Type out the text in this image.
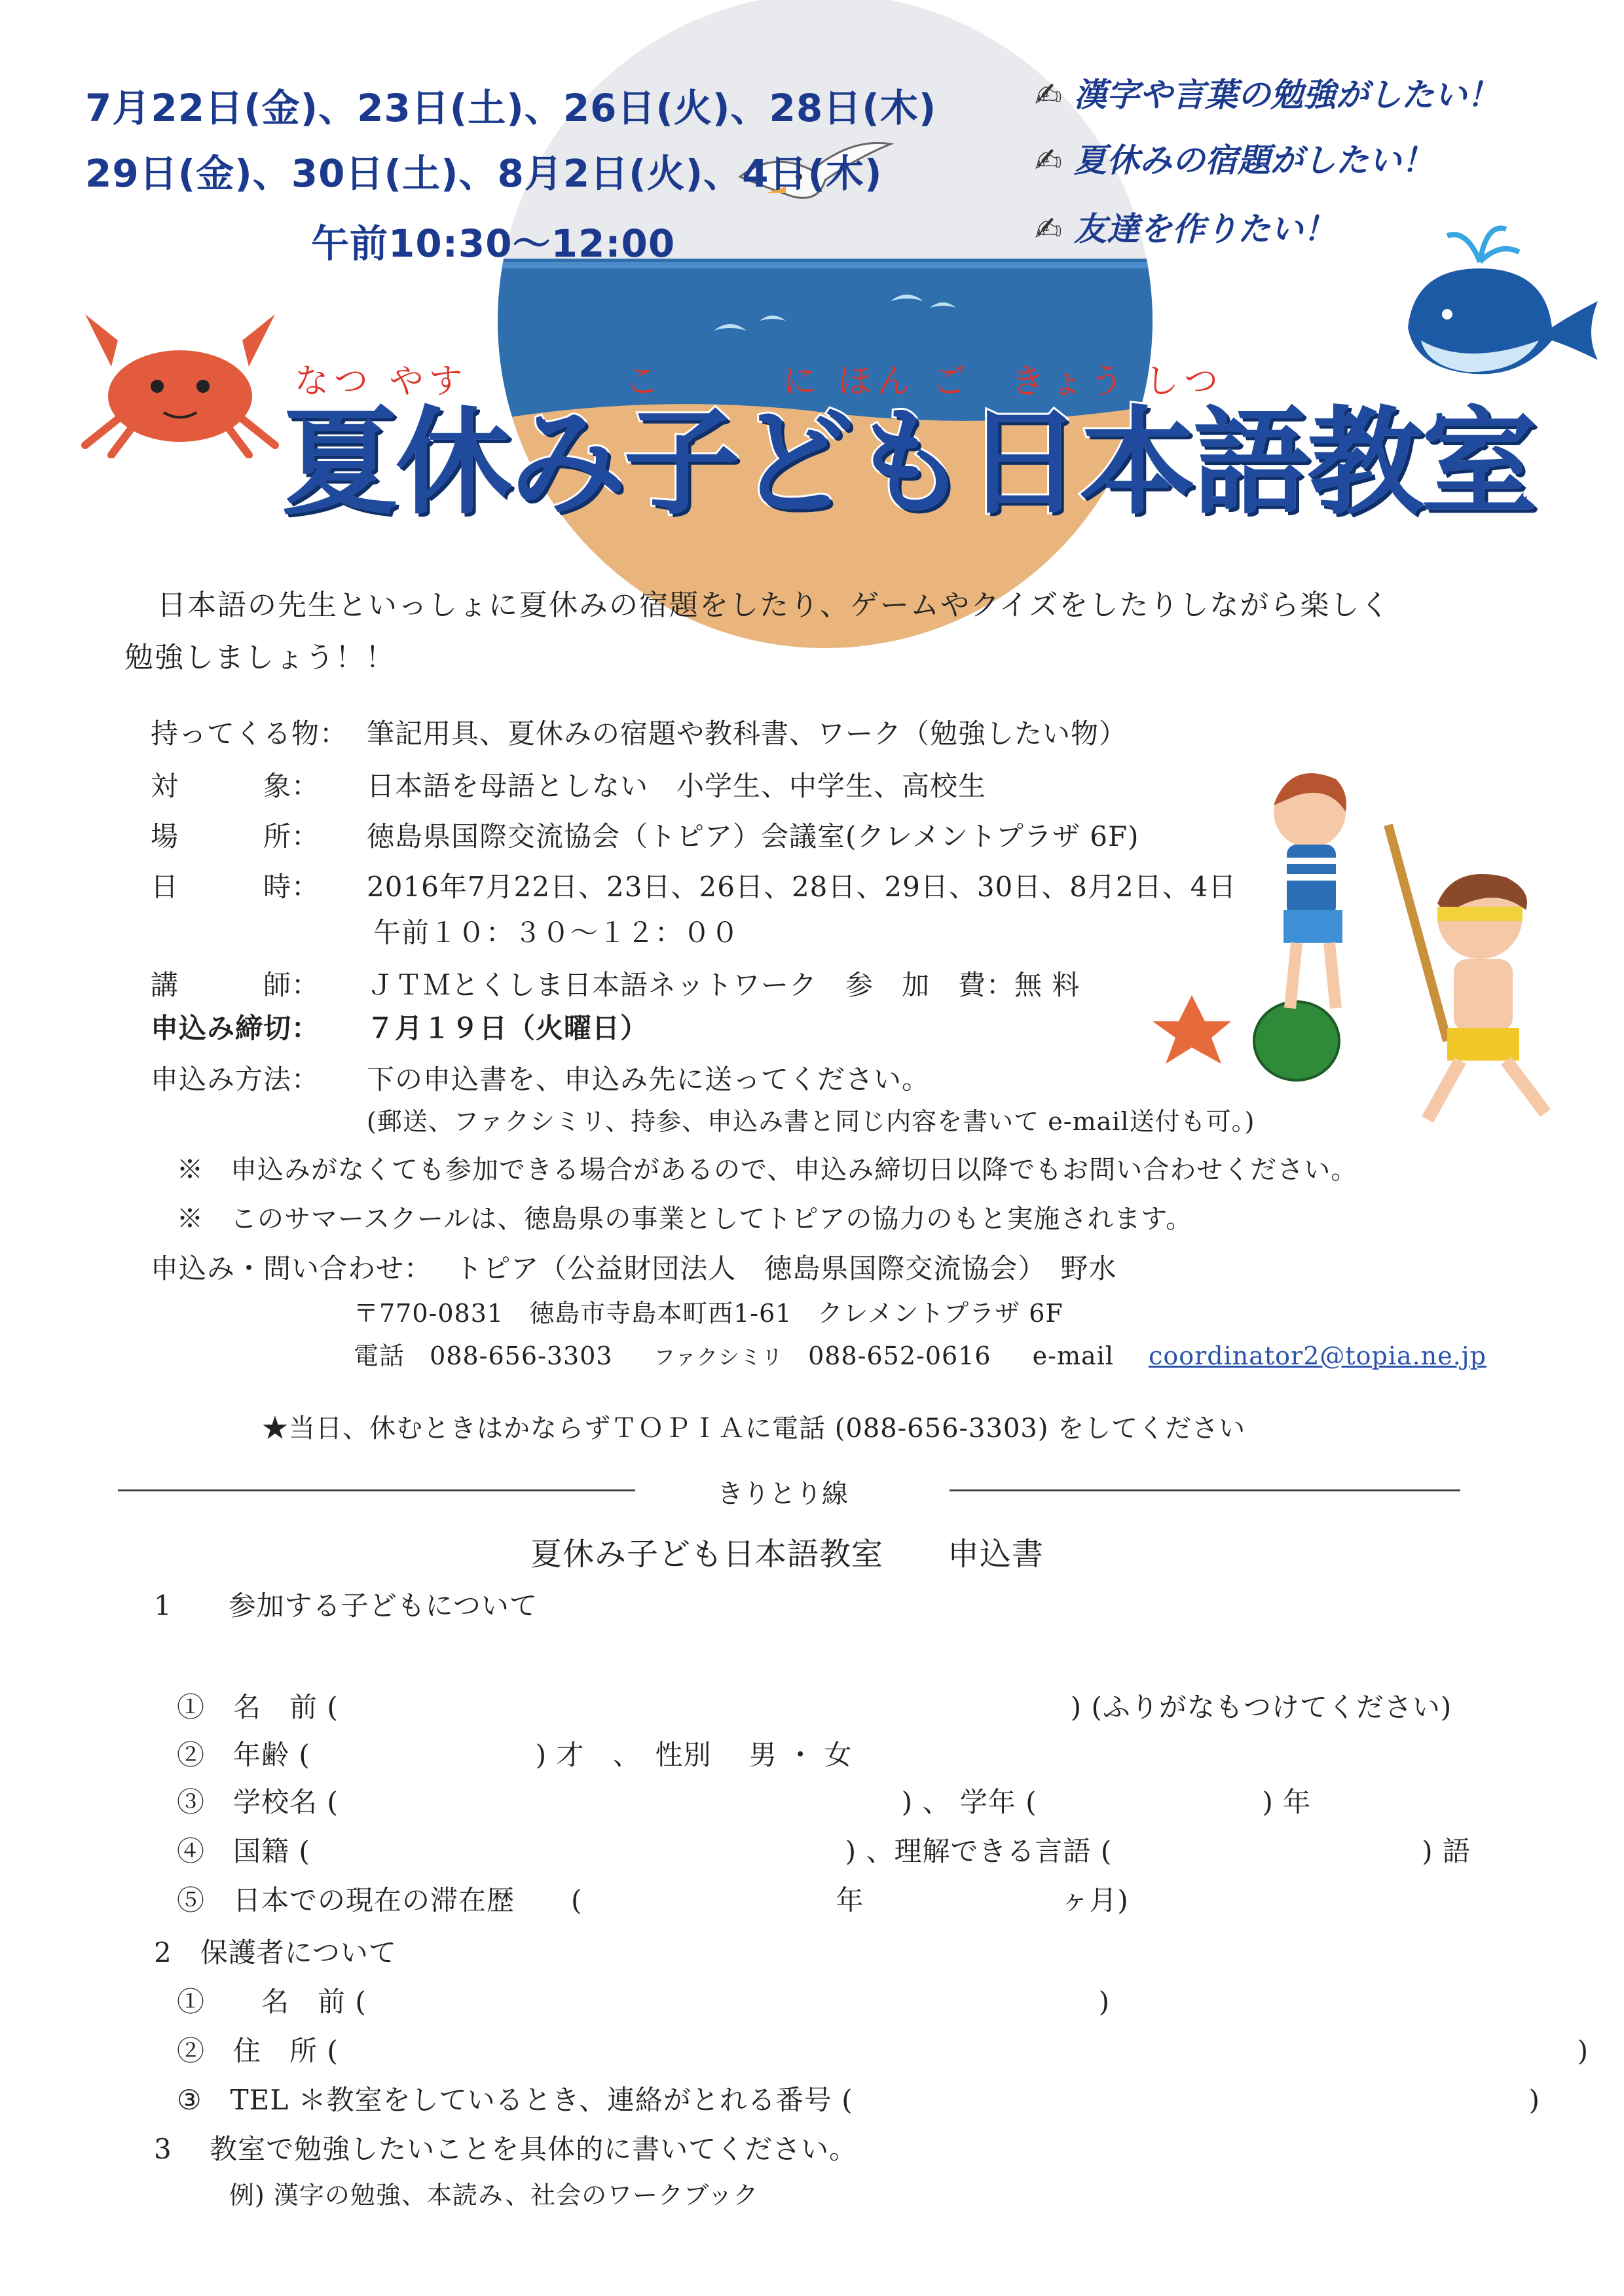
7月22日(金)、23日(土)、26日(火)、28日(木)
29日(金)、30日(土)、8月2日(火)、4日(木)
午前10:30〜12:00
✍ 漢字や言葉の勉強がしたい！
✍ 夏休みの宿題がしたい！
✍ 友達を作りたい！
なつ やす　　　　こ　　　に ほん ご　きょう しつ
夏休み子ども日本語教室
日本語の先生といっしょに夏休みの宿題をしたり、ゲームやクイズをしたりしながら楽しく
勉強しましょう！！
持ってくる物： 筆記用具、夏休みの宿題や教科書、ワーク（勉強したい物）
対　　　象： 日本語を母語としない　小学生、中学生、高校生
場　　　所： 徳島県国際交流協会（トピア）会議室(クレメントプラザ 6F)
日　　　時： 2016年7月22日、23日、26日、28日、29日、30日、8月2日、4日
午前１０：３０〜１２：００
講　　　師： ＪＴＭとくしま日本語ネットワーク　参　加　費：無 料
申込み締切： ７月１９日（火曜日）
申込み方法： 下の申込書を、申込み先に送ってください。
(郵送、ファクシミリ、持参、申込み書と同じ内容を書いて e-mail送付も可。)
※　申込みがなくても参加できる場合があるので、申込み締切日以降でもお問い合わせください。
※　このサマースクールは、徳島県の事業としてトピアの協力のもと実施されます。
申込み・問い合わせ： トピア（公益財団法人　徳島県国際交流協会）　野水
〒770-0831　徳島市寺島本町西1-61　クレメントプラザ 6F
電話 088-656-3303 ファクシミリ 088-652-0616 e-mail coordinator2@topia.ne.jp
★当日、休むときはかならずＴＯＰＩＡに電話 (088-656-3303) をしてください
きりとり線
夏休み子ども日本語教室　　申込書
1　　参加する子どもについて
①　名　前 (　　　　　　　　　　　　　　　　　　　　　　　　　　) (ふりがなもつけてください)
②　年齢 (　　　　　　　　) 才　、　性別　 男 ・ 女
③　学校名 (　　　　　　　　　　　　　　　　　　　　) 、 学年 (　　　　　　　　) 年
④　国籍 (　　　　　　　　　　　　　　　　　　　) 、理解できる言語 (　　　　　　　　　　　) 語
⑤　日本での現在の滞在歴　　(　　　　　　　　　年　　　　　　　ヶ月)
2　保護者について
①　　名　前 (　　　　　　　　　　　　　　　　　　　　　　　　　　)
②　住　所 (　　　　　　　　　　　　　　　　　　　　　　　　　　　　　　　　　　　　　　　　　　　　)
③　TEL ＊教室をしているとき、連絡がとれる番号 (　　　　　　　　　　　　　　　　　　　　　　　　)
3　 教室で勉強したいことを具体的に書いてください。
例) 漢字の勉強、本読み、社会のワークブック
